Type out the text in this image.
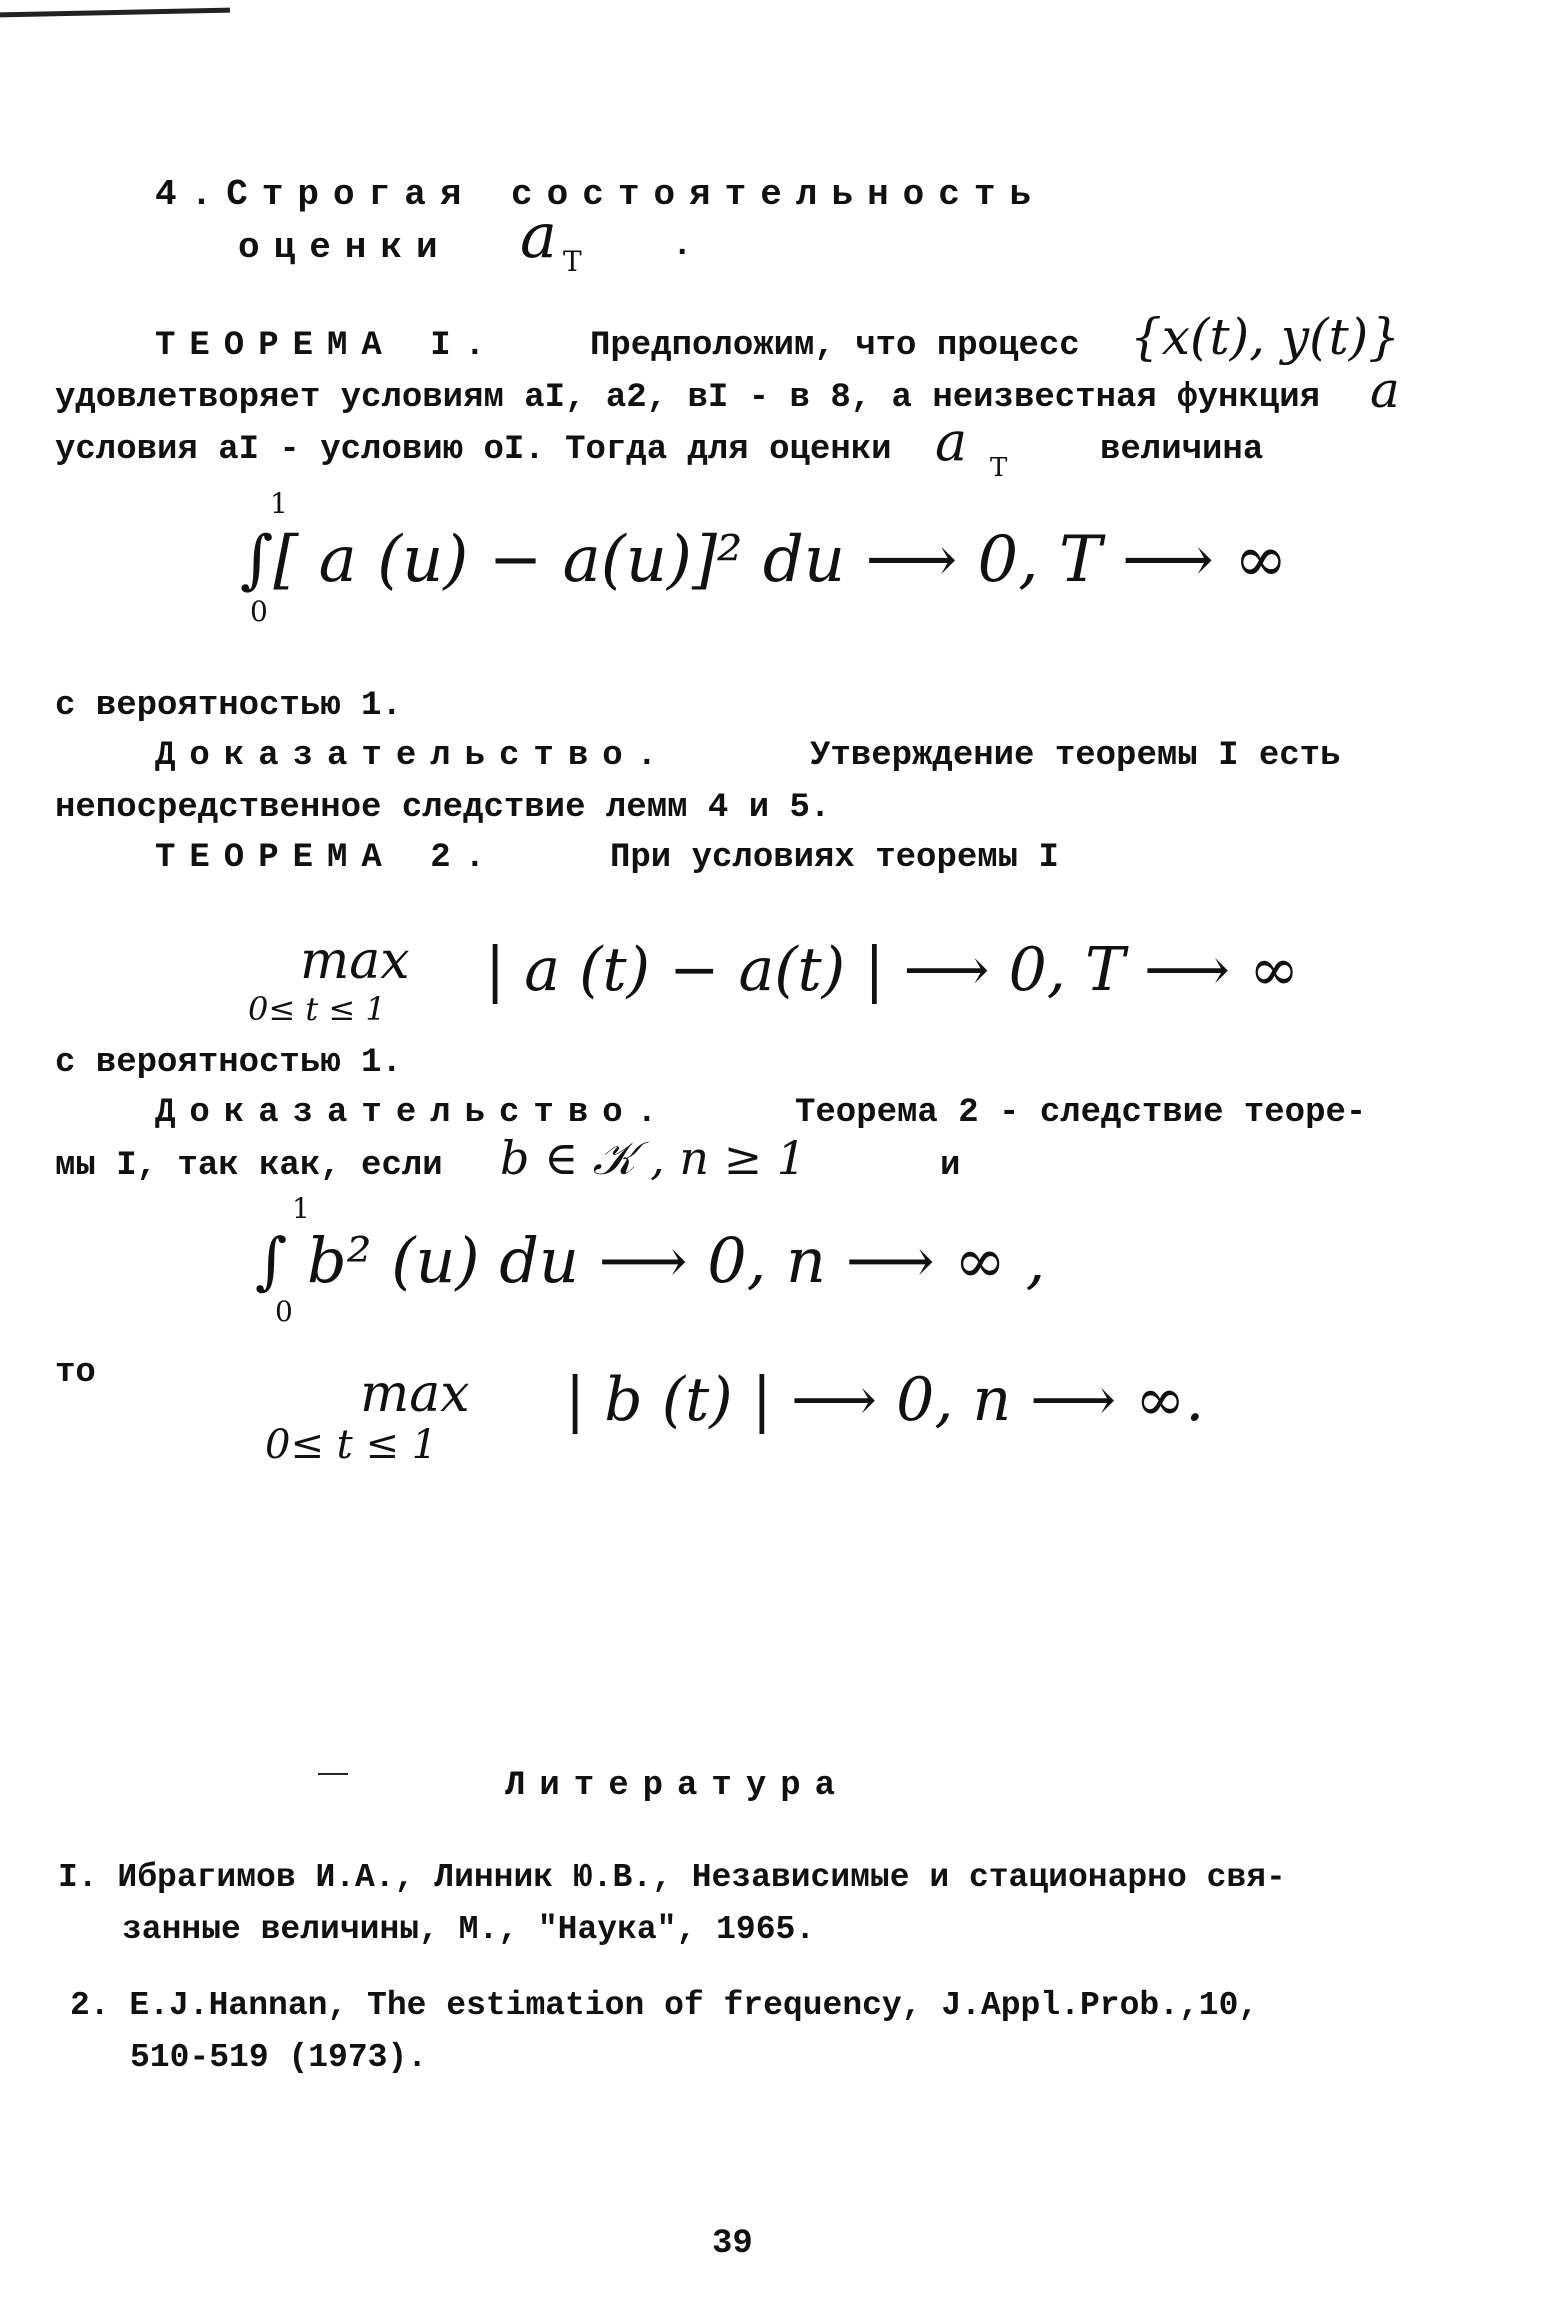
4.Строгая состоятельность
оценки a T	.
ТЕОРЕМА I.	Предположим, что процесс {x(t), y(t)}
удовлетворяет условиям aI, a2, вI - в 8, а неизвестная функция a
условия aI - условию oI. Тогда для оценки a T	величина
1
∫[ a (u) − a(u)]² du ⟶ 0, T ⟶ ∞
0
с вероятностью 1.
Доказательство.	Утверждение теоремы I есть
непосредственное следствие лемм 4 и 5.
ТЕОРЕМА 2.	При условиях теоремы I
max | a (t) − a(t) | ⟶ 0, T ⟶ ∞
0≤ t ≤ 1
с вероятностью 1.
Доказательство.	Теорема 2 - следствие теоре-
мы I, так как, если b ∈ 𝒦 , n ≥ 1	и
1
∫ b² (u) du ⟶ 0, n ⟶ ∞ ,
0
то	max | b (t) | ⟶ 0, n ⟶ ∞.
0≤ t ≤ 1
Литература
I. Ибрагимов И.А., Линник Ю.В., Независимые и стационарно свя-
занные величины, М., "Наука", 1965.
2. E.J.Hannan, The estimation of frequency, J.Appl.Prob.,10,
510-519 (1973).
39
